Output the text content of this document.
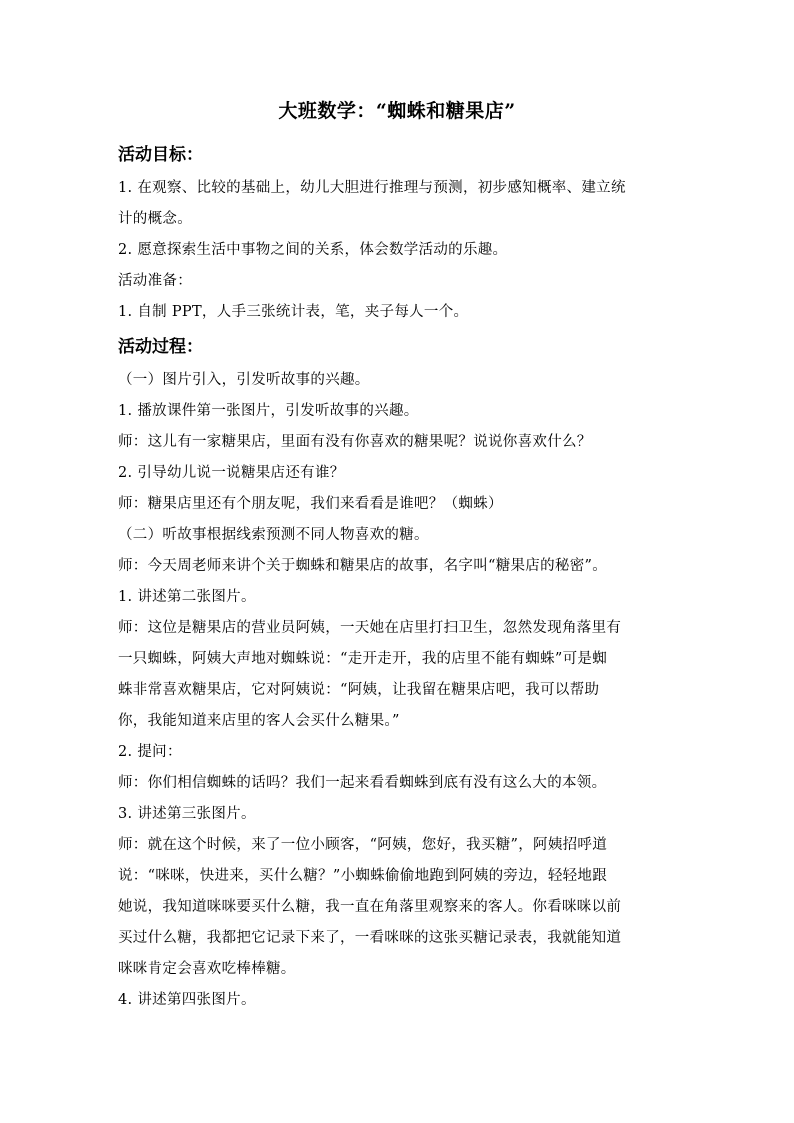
大班数学：“蜘蛛和糖果店”
活动目标：
1. 在观察、比较的基础上，幼儿大胆进行推理与预测，初步感知概率、建立统
计的概念。
2. 愿意探索生活中事物之间的关系，体会数学活动的乐趣。
活动准备：
1. 自制 PPT，人手三张统计表，笔，夹子每人一个。
活动过程：
（一）图片引入，引发听故事的兴趣。
1. 播放课件第一张图片，引发听故事的兴趣。
师：这儿有一家糖果店，里面有没有你喜欢的糖果呢？说说你喜欢什么？
2. 引导幼儿说一说糖果店还有谁？
师：糖果店里还有个朋友呢，我们来看看是谁吧？（蜘蛛）
（二）听故事根据线索预测不同人物喜欢的糖。
师：今天周老师来讲个关于蜘蛛和糖果店的故事，名字叫“糖果店的秘密”。
1. 讲述第二张图片。
师：这位是糖果店的营业员阿姨，一天她在店里打扫卫生，忽然发现角落里有
一只蜘蛛，阿姨大声地对蜘蛛说：“走开走开，我的店里不能有蜘蛛”可是蜘
蛛非常喜欢糖果店，它对阿姨说：“阿姨，让我留在糖果店吧，我可以帮助
你，我能知道来店里的客人会买什么糖果。”
2. 提问：
师：你们相信蜘蛛的话吗？我们一起来看看蜘蛛到底有没有这么大的本领。
3. 讲述第三张图片。
师：就在这个时候，来了一位小顾客，“阿姨，您好，我买糖”，阿姨招呼道
说：“咪咪，快进来，买什么糖？”小蜘蛛偷偷地跑到阿姨的旁边，轻轻地跟
她说，我知道咪咪要买什么糖，我一直在角落里观察来的客人。你看咪咪以前
买过什么糖，我都把它记录下来了，一看咪咪的这张买糖记录表，我就能知道
咪咪肯定会喜欢吃棒棒糖。
4. 讲述第四张图片。
